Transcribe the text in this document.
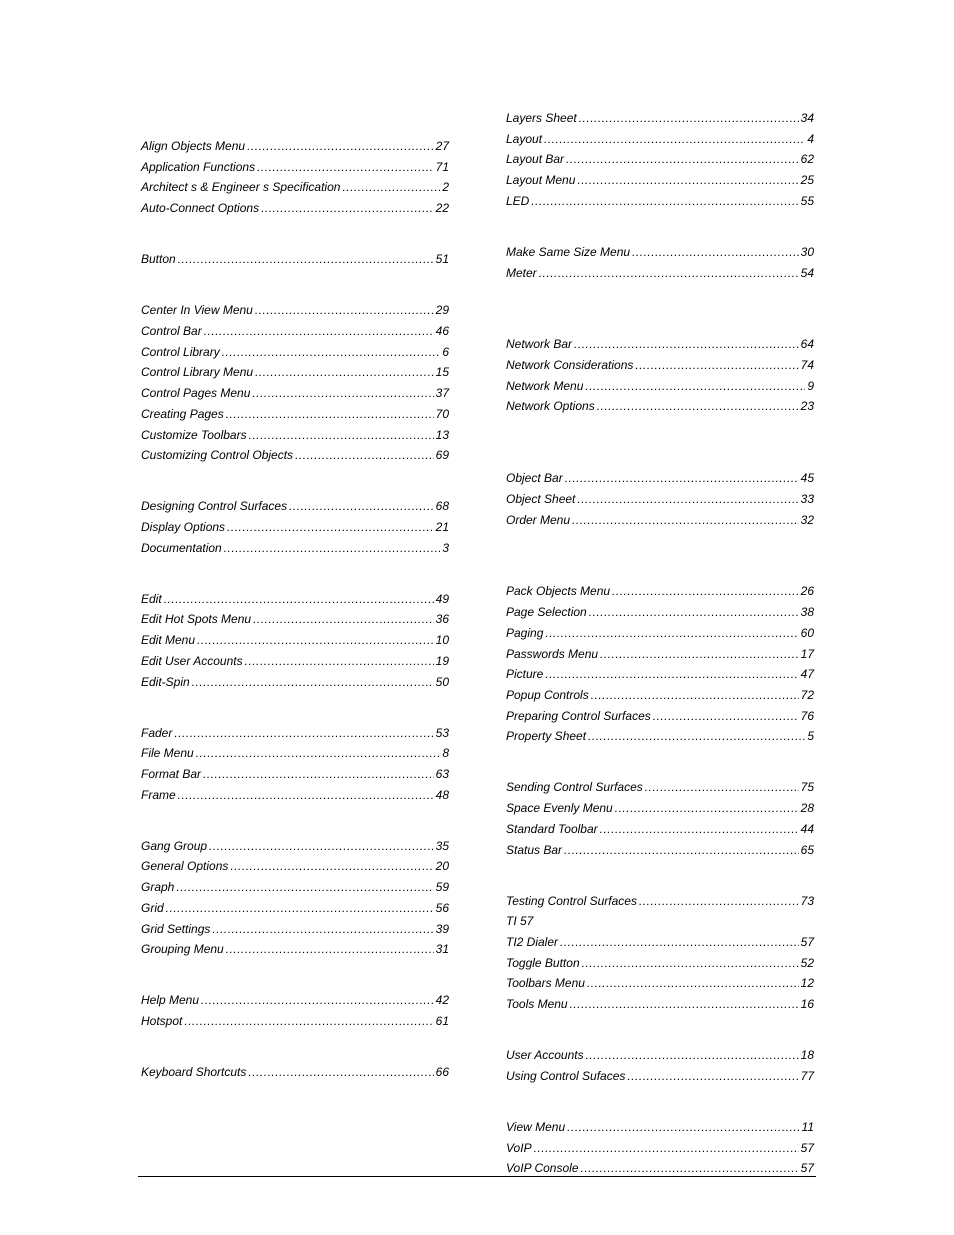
Align Objects Menu .....	27
Application Functions .....	71
Architect s & Engineer s Specification .....	2
Auto-Connect Options .....	22
Button .....	51
Center In View Menu .....	29
Control Bar .....	46
Control Library .....	6
Control Library Menu .....	15
Control Pages Menu .....	37
Creating Pages .....	70
Customize Toolbars .....	13
Customizing Control Objects .....	69
Designing Control Surfaces .....	68
Display Options .....	21
Documentation .....	3
Edit .....	49
Edit Hot Spots Menu .....	36
Edit Menu .....	10
Edit User Accounts .....	19
Edit-Spin .....	50
Fader .....	53
File Menu .....	8
Format Bar .....	63
Frame .....	48
Gang Group .....	35
General Options .....	20
Graph .....	59
Grid .....	56
Grid Settings .....	39
Grouping Menu .....	31
Help Menu .....	42
Hotspot .....	61
Keyboard Shortcuts .....	66
Layers Sheet .....	34
Layout .....	4
Layout Bar .....	62
Layout Menu .....	25
LED .....	55
Make Same Size Menu .....	30
Meter .....	54
Network Bar .....	64
Network Considerations .....	74
Network Menu .....	9
Network Options .....	23
Object Bar .....	45
Object Sheet .....	33
Order Menu .....	32
Pack Objects Menu .....	26
Page Selection .....	38
Paging .....	60
Passwords Menu .....	17
Picture .....	47
Popup Controls .....	72
Preparing Control Surfaces .....	76
Property Sheet .....	5
Sending Control Surfaces .....	75
Space Evenly Menu .....	28
Standard Toolbar .....	44
Status Bar .....	65
Testing Control Surfaces .....	73
TI 57
TI2 Dialer .....	57
Toggle Button .....	52
Toolbars Menu .....	12
Tools Menu .....	16
User Accounts .....	18
Using Control Sufaces .....	77
View Menu .....	11
VoIP .....	57
VoIP Console .....	57
